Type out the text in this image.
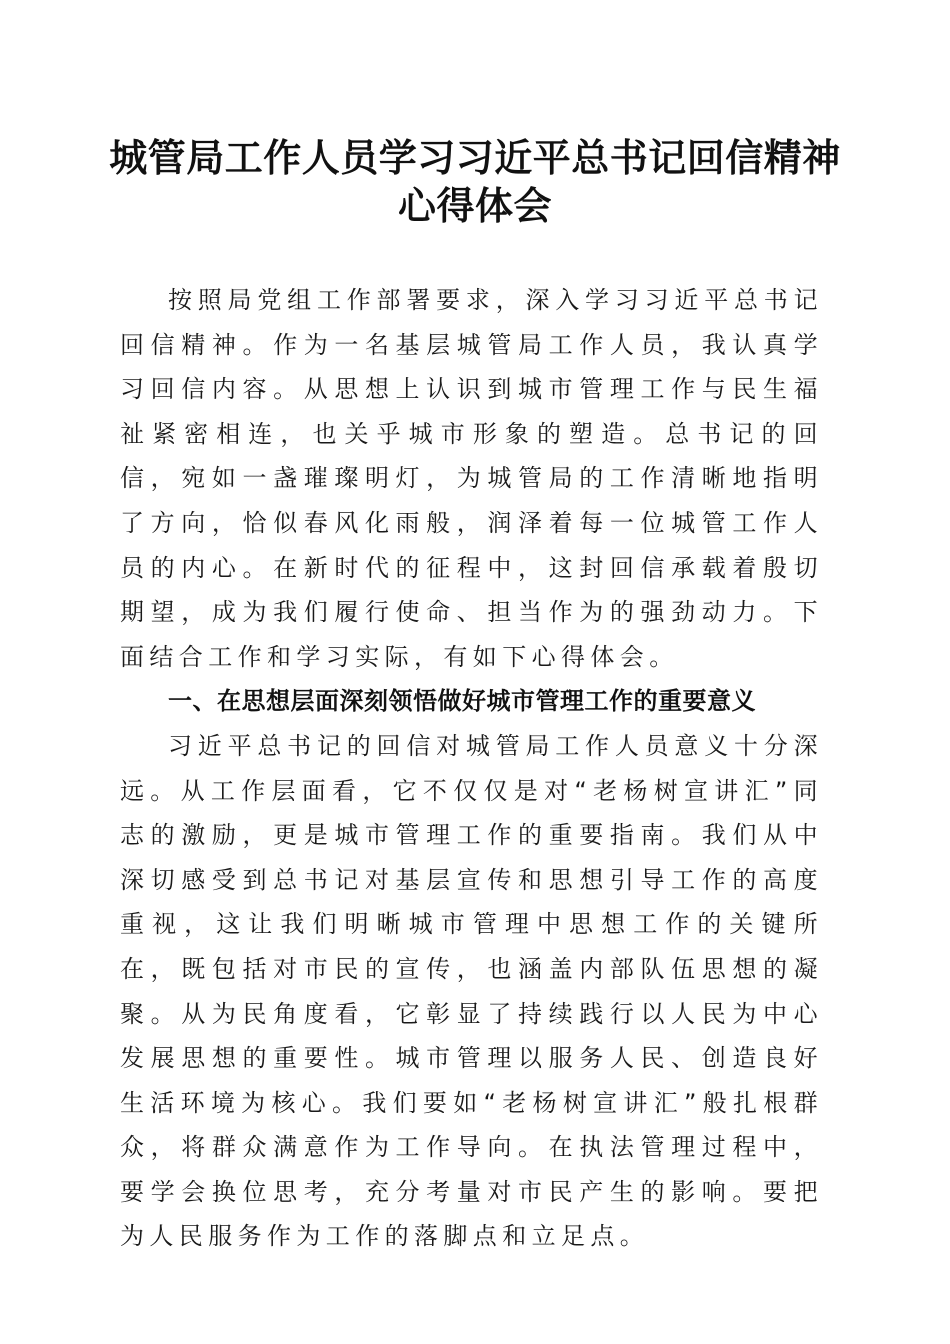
城管局工作人员学习习近平总书记回信精神心得体会

按照局党组工作部署要求，深入学习习近平总书记回信精神。作为一名基层城管局工作人员，我认真学习回信内容。从思想上认识到城市管理工作与民生福祉紧密相连，也关乎城市形象的塑造。总书记的回信，宛如一盏璀璨明灯，为城管局的工作清晰地指明了方向，恰似春风化雨般，润泽着每一位城管工作人员的内心。在新时代的征程中，这封回信承载着殷切期望，成为我们履行使命、担当作为的强劲动力。下面结合工作和学习实际，有如下心得体会。

一、在思想层面深刻领悟做好城市管理工作的重要意义

习近平总书记的回信对城管局工作人员意义十分深远。从工作层面看，它不仅仅是对“老杨树宣讲汇”同志的激励，更是城市管理工作的重要指南。我们从中深切感受到总书记对基层宣传和思想引导工作的高度重视，这让我们明晰城市管理中思想工作的关键所在，既包括对市民的宣传，也涵盖内部队伍思想的凝聚。从为民角度看，它彰显了持续践行以人民为中心发展思想的重要性。城市管理以服务人民、创造良好生活环境为核心。我们要如“老杨树宣讲汇”般扎根群众，将群众满意作为工作导向。在执法管理过程中，要学会换位思考，充分考量对市民产生的影响。要把为人民服务作为工作的落脚点和立足点。
